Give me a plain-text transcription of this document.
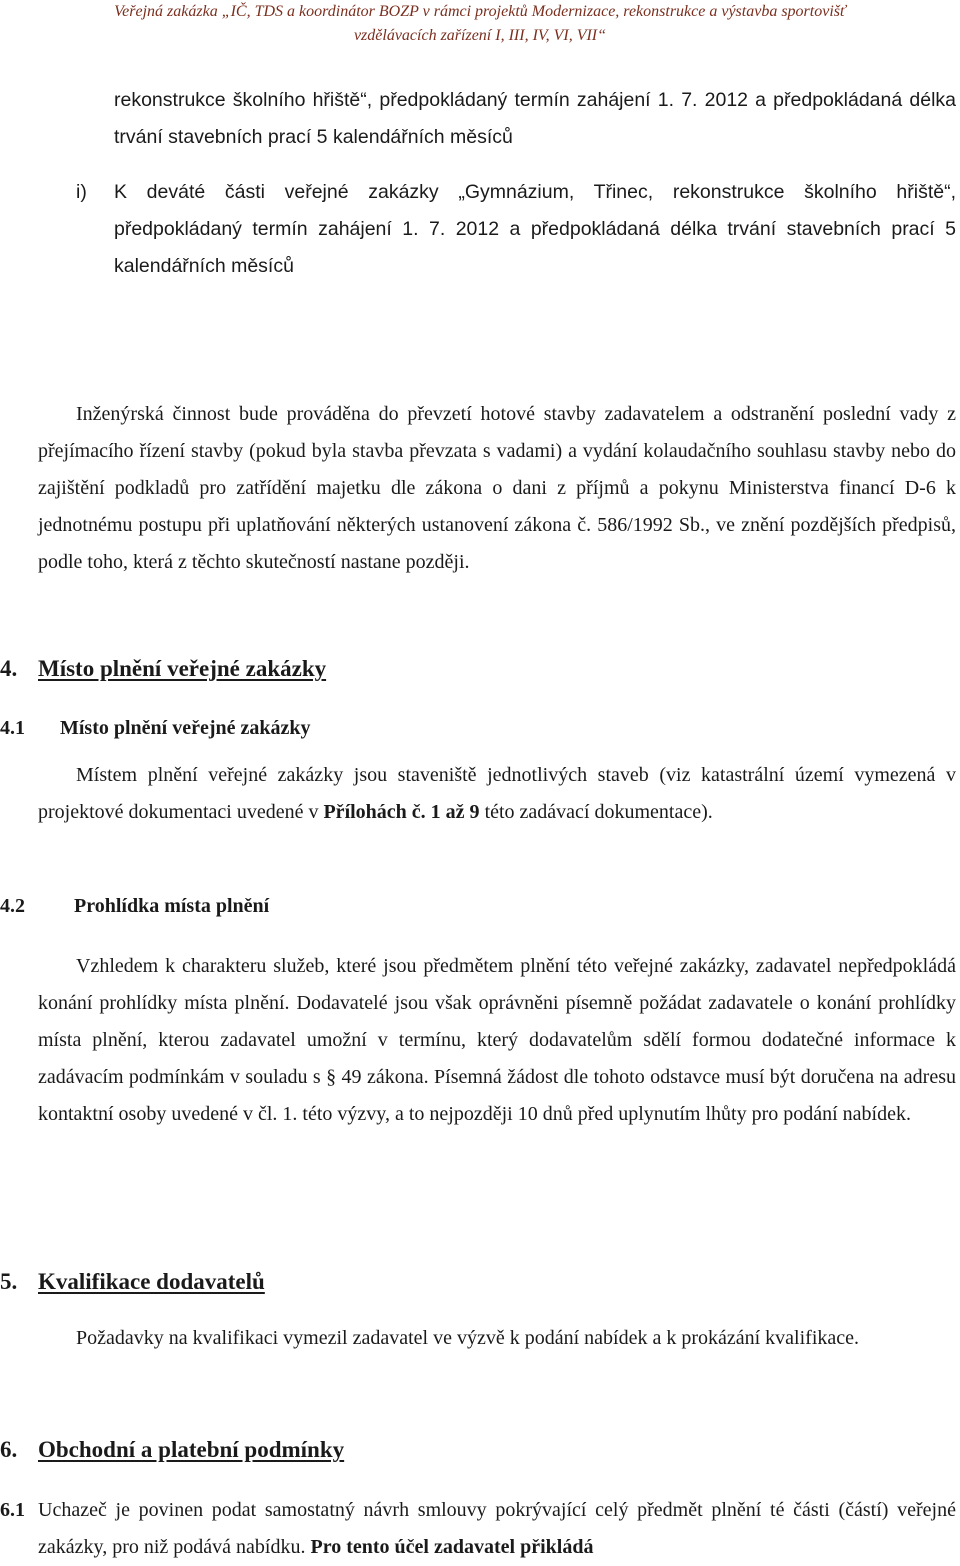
Veřejná zakázka „IČ, TDS a koordinátor BOZP v rámci projektů Modernizace, rekonstrukce a výstavba sportovišť
vzdělávacích zařízení I, III, IV, VI, VII“

rekonstrukce školního hřiště“, předpokládaný termín zahájení 1. 7. 2012 a předpokládaná délka trvání stavebních prací 5 kalendářních měsíců

i) K deváté části veřejné zakázky „Gymnázium, Třinec, rekonstrukce školního hřiště“, předpokládaný termín zahájení 1. 7. 2012 a předpokládaná délka trvání stavebních prací 5 kalendářních měsíců

Inženýrská činnost bude prováděna do převzetí hotové stavby zadavatelem a odstranění poslední vady z přejímacího řízení stavby (pokud byla stavba převzata s vadami) a vydání kolaudačního souhlasu stavby nebo do zajištění podkladů pro zatřídění majetku dle zákona o dani z příjmů a pokynu Ministerstva financí D-6 k jednotnému postupu při uplatňování některých ustanovení zákona č. 586/1992 Sb., ve znění pozdějších předpisů, podle toho, která z těchto skutečností nastane později.

4. Místo plnění veřejné zakázky
4.1 Místo plnění veřejné zakázky

Místem plnění veřejné zakázky jsou staveniště jednotlivých staveb (viz katastrální území vymezená v projektové dokumentaci uvedené v Přílohách č. 1 až 9 této zadávací dokumentace).

4.2 Prohlídka místa plnění

Vzhledem k charakteru služeb, které jsou předmětem plnění této veřejné zakázky, zadavatel nepředpokládá konání prohlídky místa plnění. Dodavatelé jsou však oprávněni písemně požádat zadavatele o konání prohlídky místa plnění, kterou zadavatel umožní v termínu, který dodavatelům sdělí formou dodatečné informace k zadávacím podmínkám v souladu s § 49 zákona. Písemná žádost dle tohoto odstavce musí být doručena na adresu kontaktní osoby uvedené v čl. 1. této výzvy, a to nejpozději 10 dnů před uplynutím lhůty pro podání nabídek.

5. Kvalifikace dodavatelů

Požadavky na kvalifikaci vymezil zadavatel ve výzvě k podání nabídek a k prokázání kvalifikace.

6. Obchodní a platební podmínky
6.1 Uchazeč je povinen podat samostatný návrh smlouvy pokrývající celý předmět plnění té části (částí) veřejné zakázky, pro niž podává nabídku. Pro tento účel zadavatel přikládá
